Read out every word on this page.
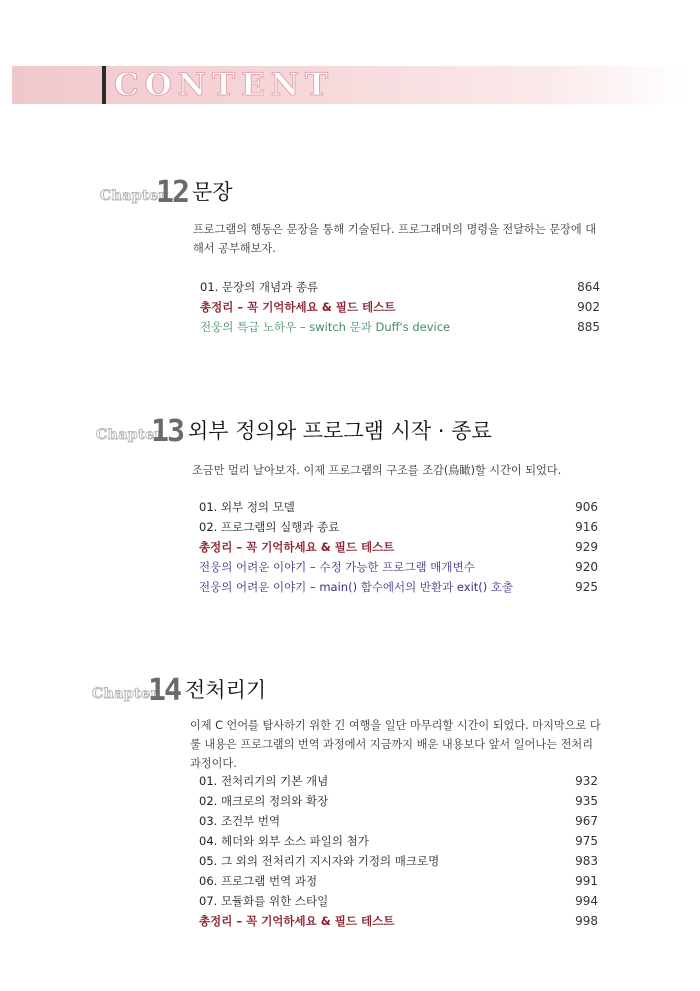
CONTENT
Chapter
12 문장

프로그램의 행동은 문장을 통해 기술된다. 프로그래머의 명령을 전달하는 문장에 대해서 공부해보자.

01. 문장의 개념과 종류	864
총정리 – 꼭 기억하세요 & 필드 테스트	902
전웅의 특급 노하우 – switch 문과 Duff's device	885
Chapter
13 외부 정의와 프로그램 시작 · 종료

조금만 멀리 날아보자. 이제 프로그램의 구조를 조감(鳥瞰)할 시간이 되었다.

01. 외부 정의 모델	906
02. 프로그램의 실행과 종료	916
총정리 – 꼭 기억하세요 & 필드 테스트	929
전웅의 어려운 이야기 – 수정 가능한 프로그램 매개변수	920
전웅의 어려운 이야기 – main() 함수에서의 반환과 exit() 호출	925
Chapter
14 전처리기

이제 C 언어를 탐사하기 위한 긴 여행을 일단 마무리할 시간이 되었다. 마지막으로 다룰 내용은 프로그램의 번역 과정에서 지금까지 배운 내용보다 앞서 일어나는 전처리 과정이다.

01. 전처리기의 기본 개념	932
02. 매크로의 정의와 확장	935
03. 조건부 번역	967
04. 헤더와 외부 소스 파일의 첨가	975
05. 그 외의 전처리기 지시자와 기정의 매크로명	983
06. 프로그램 번역 과정	991
07. 모듈화를 위한 스타일	994
총정리 – 꼭 기억하세요 & 필드 테스트	998
